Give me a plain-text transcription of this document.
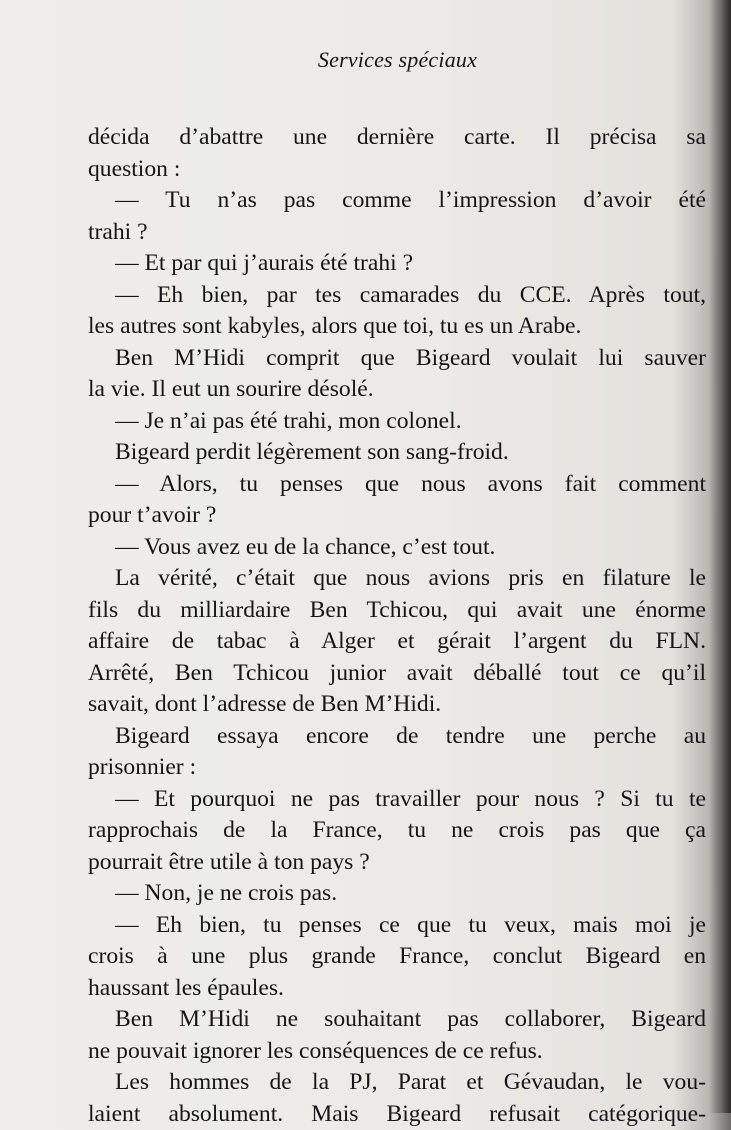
Services spéciaux
décida d’abattre une dernière carte. Il précisa sa
question :
— Tu n’as pas comme l’impression d’avoir été
trahi ?
— Et par qui j’aurais été trahi ?
— Eh bien, par tes camarades du CCE. Après tout,
les autres sont kabyles, alors que toi, tu es un Arabe.
Ben M’Hidi comprit que Bigeard voulait lui sauver
la vie. Il eut un sourire désolé.
— Je n’ai pas été trahi, mon colonel.
Bigeard perdit légèrement son sang-froid.
— Alors, tu penses que nous avons fait comment
pour t’avoir ?
— Vous avez eu de la chance, c’est tout.
La vérité, c’était que nous avions pris en filature le
fils du milliardaire Ben Tchicou, qui avait une énorme
affaire de tabac à Alger et gérait l’argent du FLN.
Arrêté, Ben Tchicou junior avait déballé tout ce qu’il
savait, dont l’adresse de Ben M’Hidi.
Bigeard essaya encore de tendre une perche au
prisonnier :
— Et pourquoi ne pas travailler pour nous ? Si tu te
rapprochais de la France, tu ne crois pas que ça
pourrait être utile à ton pays ?
— Non, je ne crois pas.
— Eh bien, tu penses ce que tu veux, mais moi je
crois à une plus grande France, conclut Bigeard en
haussant les épaules.
Ben M’Hidi ne souhaitant pas collaborer, Bigeard
ne pouvait ignorer les conséquences de ce refus.
Les hommes de la PJ, Parat et Gévaudan, le vou-
laient absolument. Mais Bigeard refusait catégorique-
